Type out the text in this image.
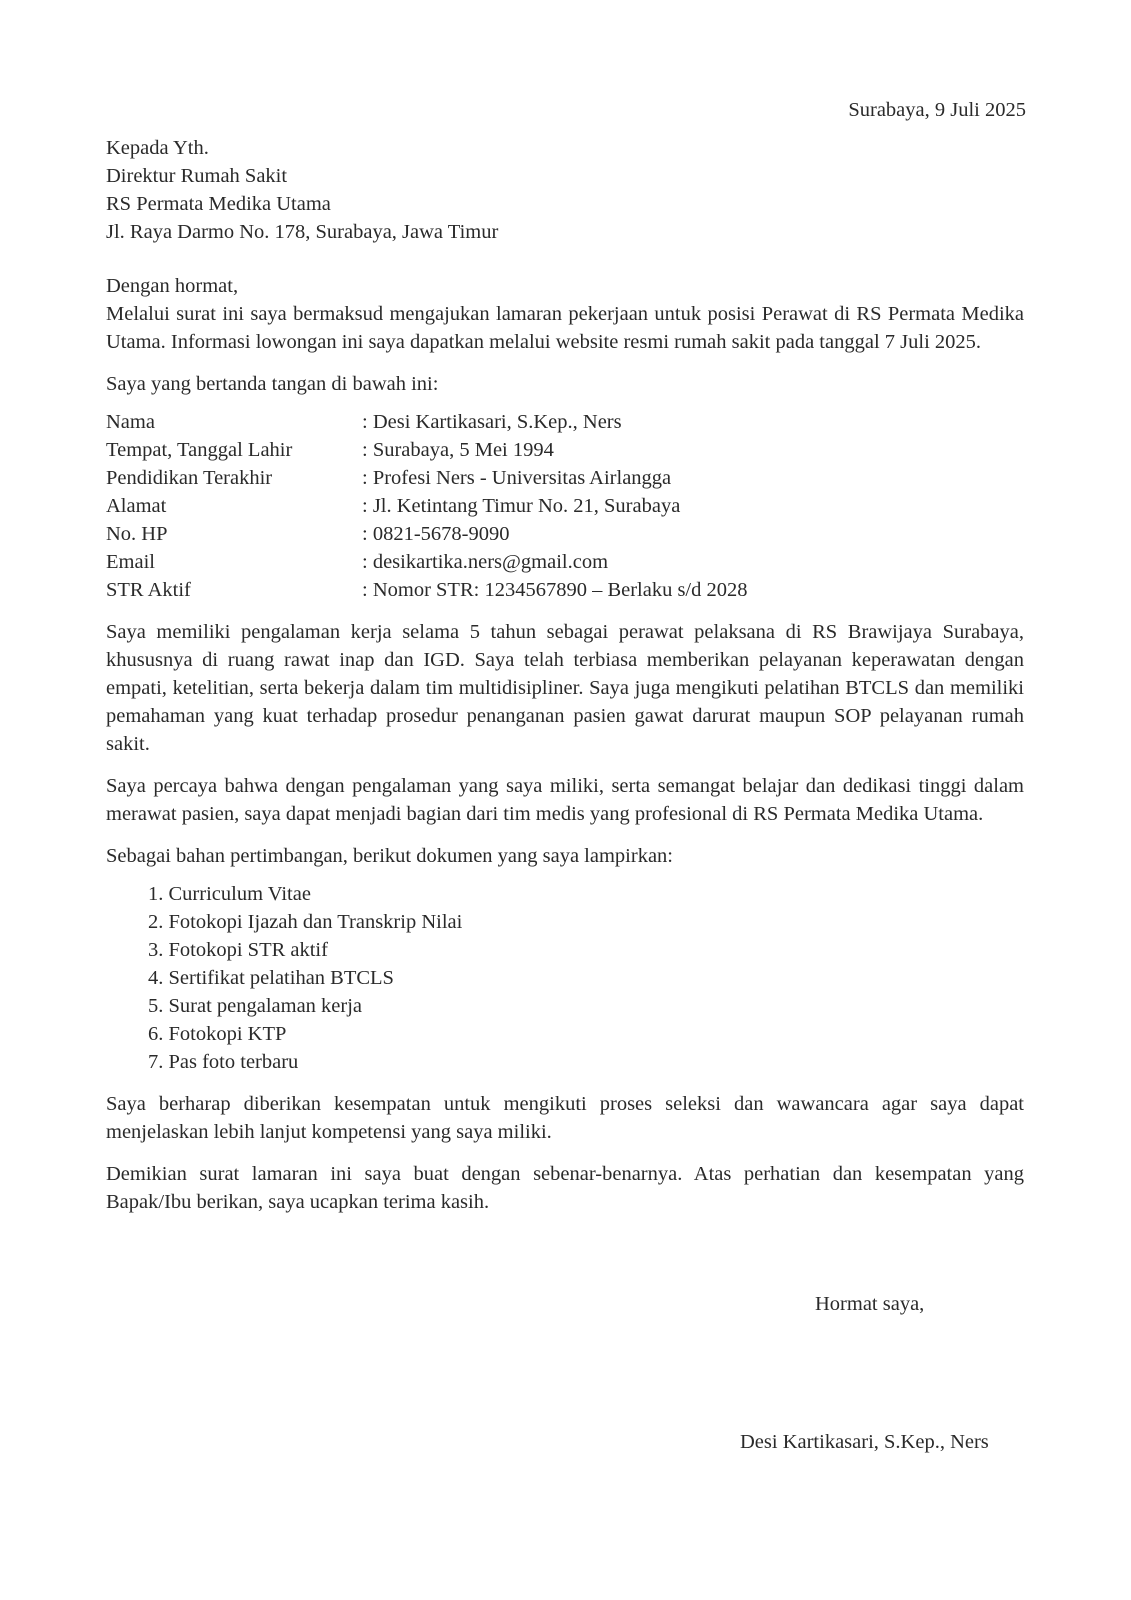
Surabaya, 9 Juli 2025
Kepada Yth.
Direktur Rumah Sakit
RS Permata Medika Utama
Jl. Raya Darmo No. 178, Surabaya, Jawa Timur

Dengan hormat,

Melalui surat ini saya bermaksud mengajukan lamaran pekerjaan untuk posisi Perawat di RS Permata Medika Utama. Informasi lowongan ini saya dapatkan melalui website resmi rumah sakit pada tanggal 7 Juli 2025.

Saya yang bertanda tangan di bawah ini:

Nama	: Desi Kartikasari, S.Kep., Ners
Tempat, Tanggal Lahir	: Surabaya, 5 Mei 1994
Pendidikan Terakhir	: Profesi Ners - Universitas Airlangga
Alamat	: Jl. Ketintang Timur No. 21, Surabaya
No. HP	: 0821-5678-9090
Email	: desikartika.ners@gmail.com
STR Aktif	: Nomor STR: 1234567890 – Berlaku s/d 2028

Saya memiliki pengalaman kerja selama 5 tahun sebagai perawat pelaksana di RS Brawijaya Surabaya, khususnya di ruang rawat inap dan IGD. Saya telah terbiasa memberikan pelayanan keperawatan dengan empati, ketelitian, serta bekerja dalam tim multidisipliner. Saya juga mengikuti pelatihan BTCLS dan memiliki pemahaman yang kuat terhadap prosedur penanganan pasien gawat darurat maupun SOP pelayanan rumah sakit.

Saya percaya bahwa dengan pengalaman yang saya miliki, serta semangat belajar dan dedikasi tinggi dalam merawat pasien, saya dapat menjadi bagian dari tim medis yang profesional di RS Permata Medika Utama.

Sebagai bahan pertimbangan, berikut dokumen yang saya lampirkan:

1. Curriculum Vitae
2. Fotokopi Ijazah dan Transkrip Nilai
3. Fotokopi STR aktif
4. Sertifikat pelatihan BTCLS
5. Surat pengalaman kerja
6. Fotokopi KTP
7. Pas foto terbaru

Saya berharap diberikan kesempatan untuk mengikuti proses seleksi dan wawancara agar saya dapat menjelaskan lebih lanjut kompetensi yang saya miliki.

Demikian surat lamaran ini saya buat dengan sebenar-benarnya. Atas perhatian dan kesempatan yang Bapak/Ibu berikan, saya ucapkan terima kasih.

Hormat saya,
Desi Kartikasari, S.Kep., Ners
